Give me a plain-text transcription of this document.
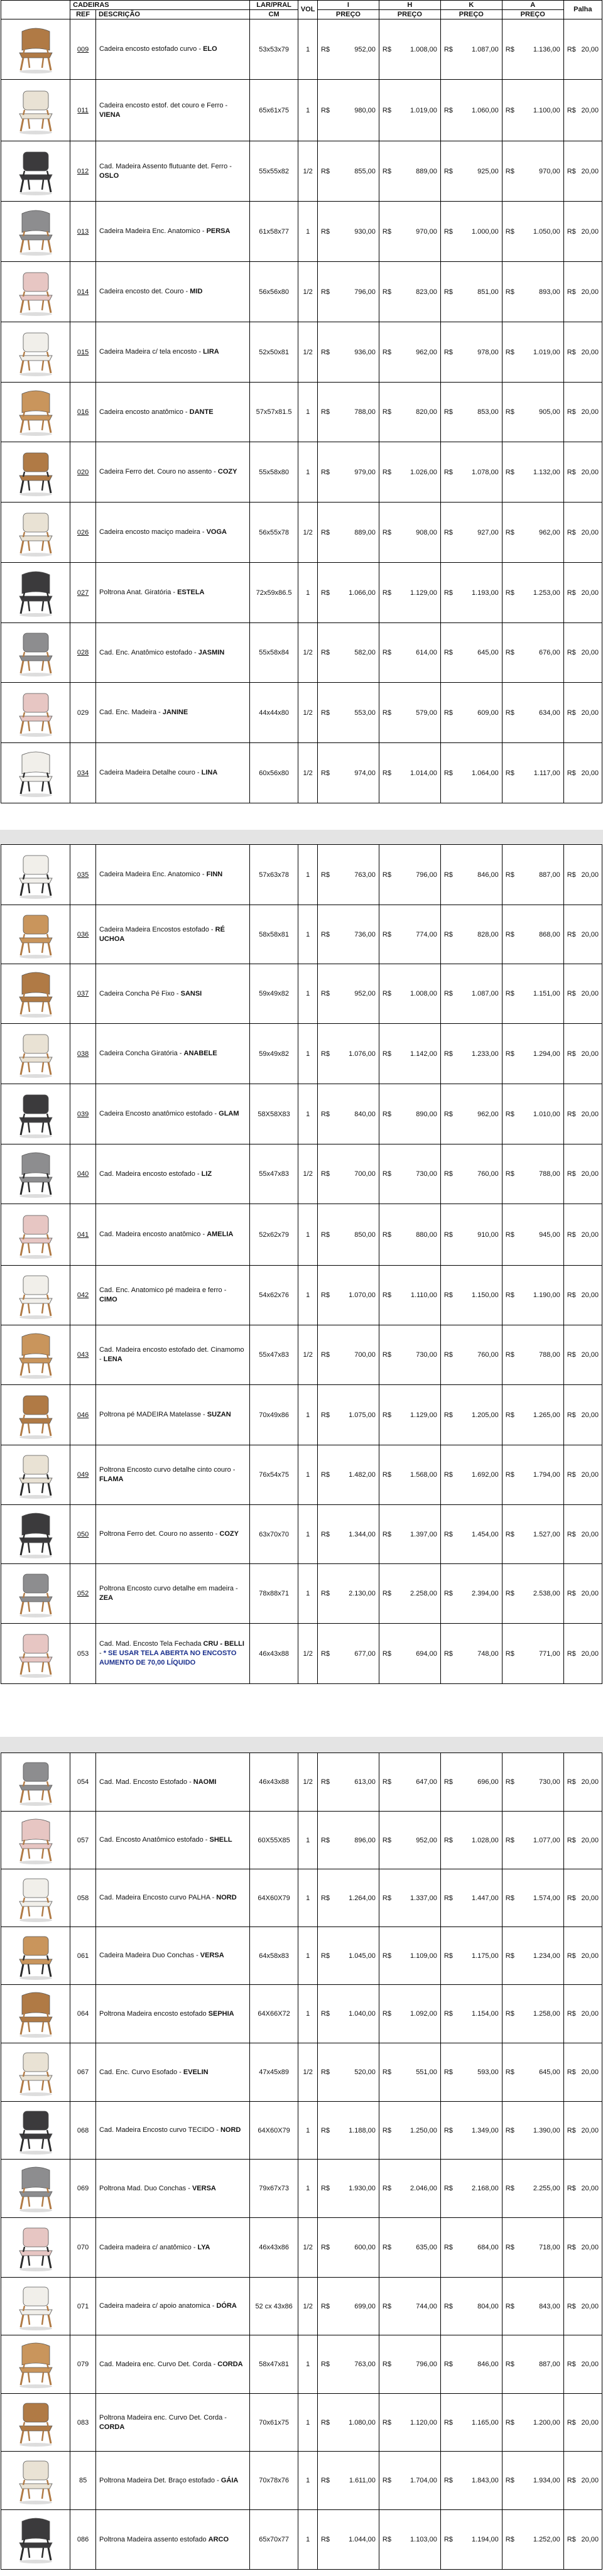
	CADEIRAS		LAR/PRAL	VOL	I	H	K	A	Palha
	REF	DESCRIÇÃO	CM		PREÇO	PREÇO	PREÇO	PREÇO	
	009	Cadeira encosto estofado curvo - ELO	53x53x79	1	R$ 952,00	R$ 1.008,00	R$ 1.087,00	R$ 1.136,00	R$ 20,00

	011	Cadeira encosto estof. det couro e Ferro - VIENA	65x61x75	1	R$ 980,00	R$ 1.019,00	R$ 1.060,00	R$ 1.100,00	R$ 20,00

	012	Cad. Madeira Assento flutuante det. Ferro - OSLO	55x55x82	1/2	R$ 855,00	R$ 889,00	R$ 925,00	R$ 970,00	R$ 20,00

	013	Cadeira Madeira Enc. Anatomico - PERSA	61x58x77	1	R$ 930,00	R$ 970,00	R$ 1.000,00	R$ 1.050,00	R$ 20,00

	014	Cadeira encosto det. Couro - MID	56x56x80	1/2	R$ 796,00	R$ 823,00	R$ 851,00	R$ 893,00	R$ 20,00

	015	Cadeira Madeira c/ tela encosto - LIRA	52x50x81	1/2	R$ 936,00	R$ 962,00	R$ 978,00	R$ 1.019,00	R$ 20,00

	016	Cadeira encosto anatômico - DANTE	57x57x81.5	1	R$ 788,00	R$ 820,00	R$ 853,00	R$ 905,00	R$ 20,00

	020	Cadeira Ferro det. Couro no assento - COZY	55x58x80	1	R$ 979,00	R$ 1.026,00	R$ 1.078,00	R$ 1.132,00	R$ 20,00

	026	Cadeira encosto maciço madeira - VOGA	56x55x78	1/2	R$ 889,00	R$ 908,00	R$ 927,00	R$ 962,00	R$ 20,00

	027	Poltrona Anat. Giratória - ESTELA	72x59x86.5	1	R$ 1.066,00	R$ 1.129,00	R$ 1.193,00	R$ 1.253,00	R$ 20,00

	028	Cad. Enc. Anatômico estofado - JASMIN	55x58x84	1/2	R$ 582,00	R$ 614,00	R$ 645,00	R$ 676,00	R$ 20,00

	029	Cad. Enc. Madeira - JANINE	44x44x80	1/2	R$ 553,00	R$ 579,00	R$ 609,00	R$ 634,00	R$ 20,00

	034	Cadeira Madeira Detalhe couro - LINA	60x56x80	1/2	R$ 974,00	R$ 1.014,00	R$ 1.064,00	R$ 1.117,00	R$ 20,00
	035	Cadeira Madeira Enc. Anatomico - FINN	57x63x78	1	R$ 763,00	R$ 796,00	R$ 846,00	R$ 887,00	R$ 20,00

	036	Cadeira Madeira Encostos estofado - RÉ UCHOA	58x58x81	1	R$ 736,00	R$ 774,00	R$ 828,00	R$ 868,00	R$ 20,00

	037	Cadeira Concha Pé Fixo - SANSI	59x49x82	1	R$ 952,00	R$ 1.008,00	R$ 1.087,00	R$ 1.151,00	R$ 20,00

	038	Cadeira Concha Giratória - ANABELE	59x49x82	1	R$ 1.076,00	R$ 1.142,00	R$ 1.233,00	R$ 1.294,00	R$ 20,00

	039	Cadeira Encosto anatômico estofado - GLAM	58X58X83	1	R$ 840,00	R$ 890,00	R$ 962,00	R$ 1.010,00	R$ 20,00

	040	Cad. Madeira encosto estofado - LIZ	55x47x83	1/2	R$ 700,00	R$ 730,00	R$ 760,00	R$ 788,00	R$ 20,00

	041	Cad. Madeira encosto anatômico - AMELIA	52x62x79	1	R$ 850,00	R$ 880,00	R$ 910,00	R$ 945,00	R$ 20,00

	042	Cad. Enc. Anatomico pé madeira e ferro - CIMO	54x62x76	1	R$ 1.070,00	R$ 1.110,00	R$ 1.150,00	R$ 1.190,00	R$ 20,00

	043	Cad. Madeira encosto estofado det. Cinamomo - LENA	55x47x83	1/2	R$ 700,00	R$ 730,00	R$ 760,00	R$ 788,00	R$ 20,00

	046	Poltrona pé MADEIRA Matelasse - SUZAN	70x49x86	1	R$ 1.075,00	R$ 1.129,00	R$ 1.205,00	R$ 1.265,00	R$ 20,00

	049	Poltrona Encosto curvo detalhe cinto couro - FLAMA	76x54x75	1	R$ 1.482,00	R$ 1.568,00	R$ 1.692,00	R$ 1.794,00	R$ 20,00

	050	Poltrona Ferro det. Couro no assento - COZY	63x70x70	1	R$ 1.344,00	R$ 1.397,00	R$ 1.454,00	R$ 1.527,00	R$ 20,00

	052	Poltrona Encosto curvo detalhe em madeira - ZEA	78x88x71	1	R$ 2.130,00	R$ 2.258,00	R$ 2.394,00	R$ 2.538,00	R$ 20,00

	053	Cad. Mad. Encosto Tela Fechada CRU - BELLI - * SE USAR TELA ABERTA NO ENCOSTO AUMENTO DE 70,00 LÍQUIDO	46x43x88	1/2	R$ 677,00	R$ 694,00	R$ 748,00	R$ 771,00	R$ 20,00
	054	Cad. Mad. Encosto Estofado - NAOMI	46x43x88	1/2	R$ 613,00	R$ 647,00	R$ 696,00	R$ 730,00	R$ 20,00

	057	Cad. Encosto Anatômico estofado - SHELL	60X55X85	1	R$ 896,00	R$ 952,00	R$ 1.028,00	R$ 1.077,00	R$ 20,00

	058	Cad. Madeira Encosto curvo PALHA - NORD	64X60X79	1	R$ 1.264,00	R$ 1.337,00	R$ 1.447,00	R$ 1.574,00	R$ 20,00

	061	Cadeira Madeira Duo Conchas - VERSA	64x58x83	1	R$ 1.045,00	R$ 1.109,00	R$ 1.175,00	R$ 1.234,00	R$ 20,00

	064	Poltrona Madeira encosto estofado SEPHIA	64X66X72	1	R$ 1.040,00	R$ 1.092,00	R$ 1.154,00	R$ 1.258,00	R$ 20,00

	067	Cad. Enc. Curvo Esofado - EVELIN	47x45x89	1/2	R$ 520,00	R$ 551,00	R$ 593,00	R$ 645,00	R$ 20,00

	068	Cad. Madeira Encosto curvo TECIDO - NORD	64X60X79	1	R$ 1.188,00	R$ 1.250,00	R$ 1.349,00	R$ 1.390,00	R$ 20,00

	069	Poltrona Mad. Duo Conchas - VERSA	79x67x73	1	R$ 1.930,00	R$ 2.046,00	R$ 2.168,00	R$ 2.255,00	R$ 20,00

	070	Cadeira madeira c/ anatômico - LYA	46x43x86	1/2	R$ 600,00	R$ 635,00	R$ 684,00	R$ 718,00	R$ 20,00

	071	Cadeira madeira c/ apoio anatomica - DÓRA	52 cx 43x86	1/2	R$ 699,00	R$ 744,00	R$ 804,00	R$ 843,00	R$ 20,00

	079	Cad. Madeira enc. Curvo Det. Corda - CORDA	58x47x81	1	R$ 763,00	R$ 796,00	R$ 846,00	R$ 887,00	R$ 20,00

	083	Poltrona Madeira enc. Curvo Det. Corda - CORDA	70x61x75	1	R$ 1.080,00	R$ 1.120,00	R$ 1.165,00	R$ 1.200,00	R$ 20,00

	85	Poltrona Madeira Det. Braço estofado - GÁIA	70x78x76	1	R$ 1.611,00	R$ 1.704,00	R$ 1.843,00	R$ 1.934,00	R$ 20,00

	086	Poltrona Madeira assento estofado ARCO	65x70x77	1	R$ 1.044,00	R$ 1.103,00	R$ 1.194,00	R$ 1.252,00	R$ 20,00
